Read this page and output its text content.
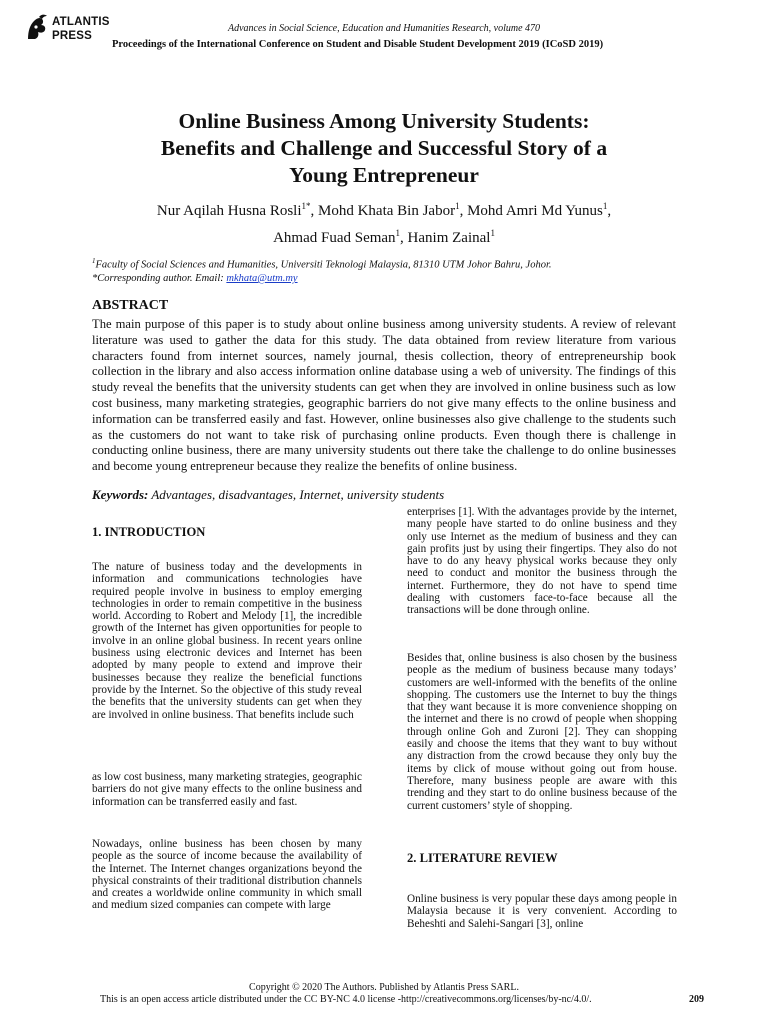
ATLANTIS
PRESS
Advances in Social Science, Education and Humanities Research, volume 470
Proceedings of the International Conference on Student and Disable Student Development 2019 (ICoSD 2019)
Online Business Among University Students:
Benefits and Challenge and Successful Story of a
Young Entrepreneur
Nur Aqilah Husna Rosli$^{1*}$, Mohd Khata Bin Jabor$^1$, Mohd Amri Md Yunus$^1$,
Ahmad Fuad Seman$^1$, Hanim Zainal$^1$
$^1$Faculty of Social Sciences and Humanities, Universiti Teknologi Malaysia, 81310 UTM Johor Bahru, Johor.
*Corresponding author. Email: mkhata@utm.my
ABSTRACT
The main purpose of this paper is to study about online business among university students. A review of relevant literature was used to gather the data for this study. The data obtained from review literature from various characters found from internet sources, namely journal, thesis collection, theory of entrepreneurship book collection in the library and also access information online database using a web of university. The findings of this study reveal the benefits that the university students can get when they are involved in online business such as low cost business, many marketing strategies, geographic barriers do not give many effects to the online business and information can be transferred easily and fast. However, online businesses also give challenge to the students such as the customers do not want to take risk of purchasing online products. Even though there is challenge in conducting online business, there are many university students out there take the challenge to do online businesses and become young entrepreneur because they realize the benefits of online business.
Keywords: Advantages, disadvantages, Internet, university students
1. INTRODUCTION

The nature of business today and the developments in information and communications technologies have required people involve in business to employ emerging technologies in order to remain competitive in the business world. According to Robert and Melody [1], the incredible growth of the Internet has given opportunities for people to involve in an online global business. In recent years online business using electronic devices and Internet has been adopted by many people to extend and improve their businesses because they realize the beneficial functions provide by the Internet. So the objective of this study reveal the benefits that the university students can get when they are involved in online business. That benefits include such

as low cost business, many marketing strategies, geographic barriers do not give many effects to the online business and information can be transferred easily and fast.

Nowadays, online business has been chosen by many people as the source of income because the availability of the Internet. The Internet changes organizations beyond the physical constraints of their traditional distribution channels and creates a worldwide online community in which small and medium sized companies can compete with large

enterprises [1]. With the advantages provide by the internet, many people have started to do online business and they only use Internet as the medium of business and they can gain profits just by using their fingertips. They also do not have to do any heavy physical works because they only need to conduct and monitor the business through the internet. Furthermore, they do not have to spend time dealing with customers face-to-face because all the transactions will be done through online.

Besides that, online business is also chosen by the business people as the medium of business because many todays’ customers are well-informed with the benefits of the online shopping. The customers use the Internet to buy the things that they want because it is more convenience shopping on the internet and there is no crowd of people when shopping through online Goh and Zuroni [2]. They can shopping easily and choose the items that they want to buy without any distraction from the crowd because they only buy the items by click of mouse without going out from house. Therefore, many business people are aware with this trending and they start to do online business because of the current customers’ style of shopping.

2. LITERATURE REVIEW

Online business is very popular these days among people in Malaysia because it is very convenient. According to Beheshti and Salehi-Sangari [3], online

Copyright © 2020 The Authors. Published by Atlantis Press SARL.
This is an open access article distributed under the CC BY-NC 4.0 license -http://creativecommons.org/licenses/by-nc/4.0/.	209
